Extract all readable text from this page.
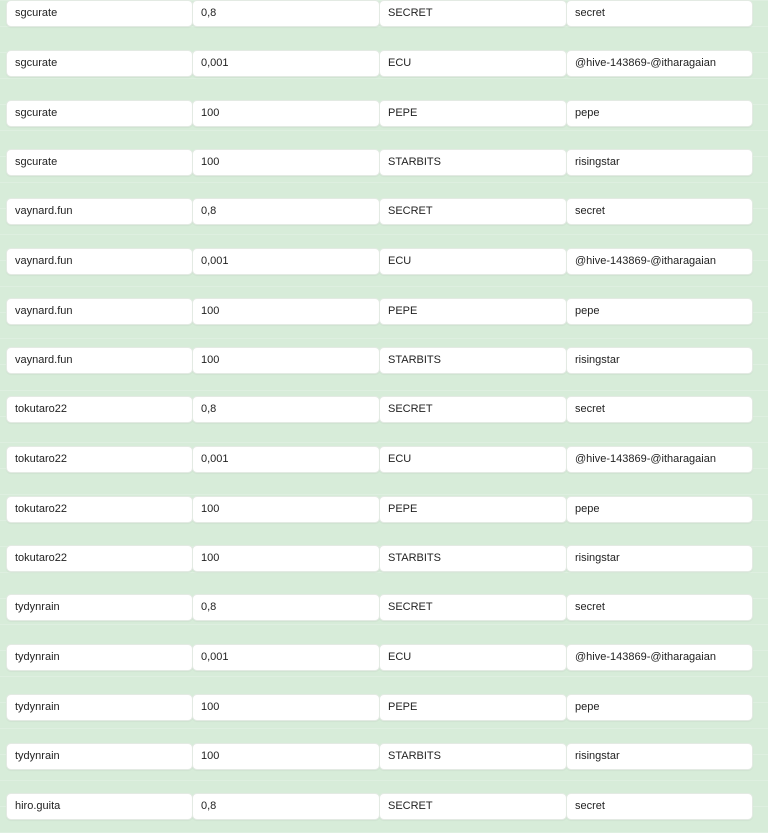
sgcurate	0,8	SECRET	secret
sgcurate	0,001	ECU	@hive-143869-@itharagaian
sgcurate	100	PEPE	pepe
sgcurate	100	STARBITS	risingstar
vaynard.fun	0,8	SECRET	secret
vaynard.fun	0,001	ECU	@hive-143869-@itharagaian
vaynard.fun	100	PEPE	pepe
vaynard.fun	100	STARBITS	risingstar
tokutaro22	0,8	SECRET	secret
tokutaro22	0,001	ECU	@hive-143869-@itharagaian
tokutaro22	100	PEPE	pepe
tokutaro22	100	STARBITS	risingstar
tydynrain	0,8	SECRET	secret
tydynrain	0,001	ECU	@hive-143869-@itharagaian
tydynrain	100	PEPE	pepe
tydynrain	100	STARBITS	risingstar
hiro.guita	0,8	SECRET	secret
